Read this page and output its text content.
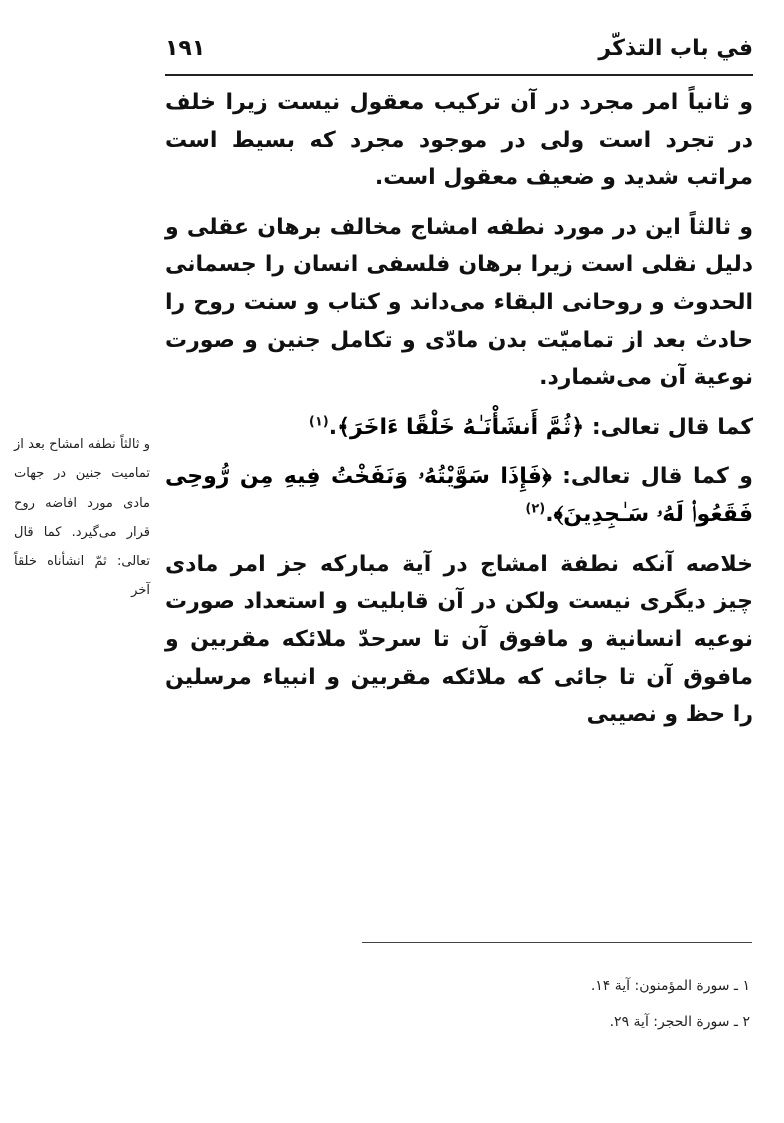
في باب التذكّر
۱۹۱

و ثانياً امر مجرد در آن تركيب معقول نيست زيرا خلف در تجرد است ولى در موجود مجرد كه بسيط است مراتب شديد و ضعيف معقول است.

و ثالثاً اين در مورد نطفه امشاج مخالف برهان عقلى و دليل نقلى است زيرا برهان فلسفى انسان را جسمانى الحدوث و روحانى البقاء مى‌داند و كتاب و سنت روح را حادث بعد از تماميّت بدن مادّى و تكامل جنين و صورت نوعية آن مى‌شمارد.

كما قال تعالى: ﴿ثُمَّ أَنشَأْنَـٰهُ خَلْقًا ءَاخَرَ﴾.$^{(۱)}$

و كما قال تعالى: ﴿فَإِذَا سَوَّيْتُهُۥ وَنَفَخْتُ فِيهِ مِن رُّوحِى فَقَعُوا۟ لَهُۥ سَـٰجِدِينَ﴾.$^{(۲)}$

خلاصه آنكه نطفة امشاج در آية مباركه جز امر مادى چيز ديگرى نيست ولكن در آن قابليت و استعداد صورت نوعيه انسانية و مافوق آن تا سرحدّ ملائكه مقربين و مافوق آن تا جائى كه ملائكه مقربين و انبياء مرسلين را حظ و نصيبى

و ثالثاً نطفه امشاح بعد از تماميت جنين در جهات مادى مورد افاضه روح قرار مى‌گيرد. كما قال تعالى: ثمّ انشأناه خلقاً آخر
۱ ـ سورة المؤمنون: آية ۱۴.
۲ ـ سورة الحجر: آية ۲۹.
